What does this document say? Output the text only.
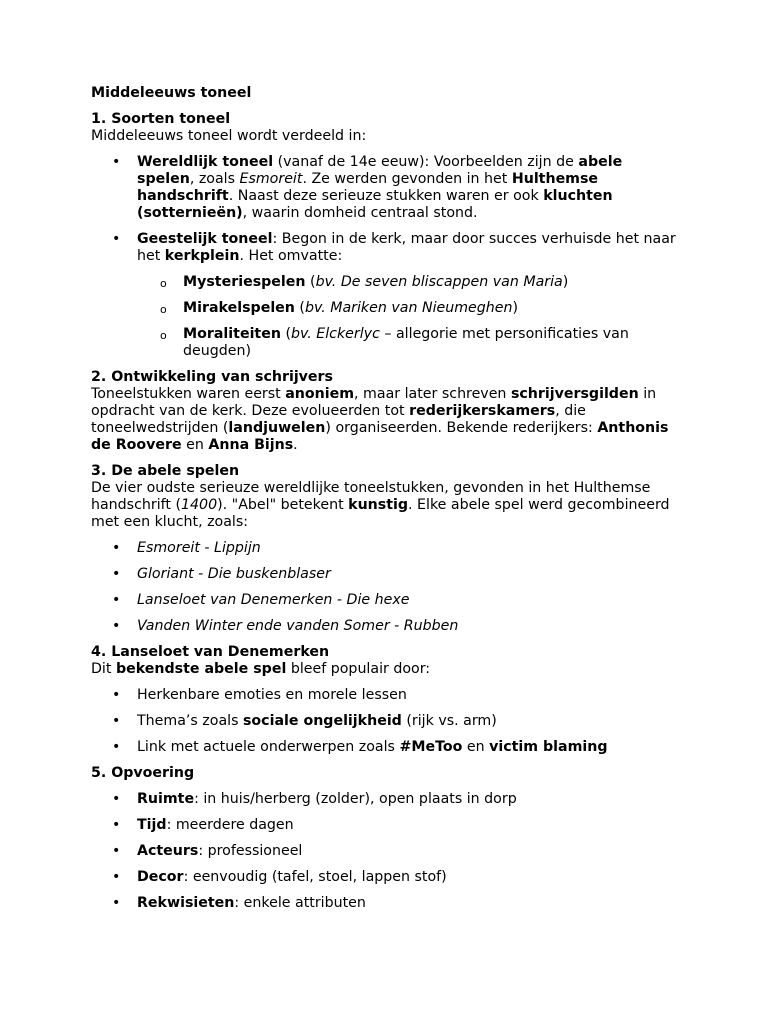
Middeleeuws toneel
1. Soorten toneel
Middeleeuws toneel wordt verdeeld in:
• Wereldlijk toneel (vanaf de 14e eeuw): Voorbeelden zijn de abele spelen, zoals Esmoreit. Ze werden gevonden in het Hulthemse handschrift. Naast deze serieuze stukken waren er ook kluchten (sotternieën), waarin domheid centraal stond.
• Geestelijk toneel: Begon in de kerk, maar door succes verhuisde het naar het kerkplein. Het omvatte:
o Mysteriespelen (bv. De seven bliscappen van Maria)
o Mirakelspelen (bv. Mariken van Nieumeghen)
o Moraliteiten (bv. Elckerlyc – allegorie met personificaties van deugden)
2. Ontwikkeling van schrijvers
Toneelstukken waren eerst anoniem, maar later schreven schrijversgilden in opdracht van de kerk. Deze evolueerden tot rederijkerskamers, die toneelwedstrijden (landjuwelen) organiseerden. Bekende rederijkers: Anthonis de Roovere en Anna Bijns.
3. De abele spelen
De vier oudste serieuze wereldlijke toneelstukken, gevonden in het Hulthemse handschrift (1400). "Abel" betekent kunstig. Elke abele spel werd gecombineerd met een klucht, zoals:
• Esmoreit - Lippijn
• Gloriant - Die buskenblaser
• Lanseloet van Denemerken - Die hexe
• Vanden Winter ende vanden Somer - Rubben
4. Lanseloet van Denemerken
Dit bekendste abele spel bleef populair door:
• Herkenbare emoties en morele lessen
• Thema’s zoals sociale ongelijkheid (rijk vs. arm)
• Link met actuele onderwerpen zoals #MeToo en victim blaming
5. Opvoering
• Ruimte: in huis/herberg (zolder), open plaats in dorp
• Tijd: meerdere dagen
• Acteurs: professioneel
• Decor: eenvoudig (tafel, stoel, lappen stof)
• Rekwisieten: enkele attributen
